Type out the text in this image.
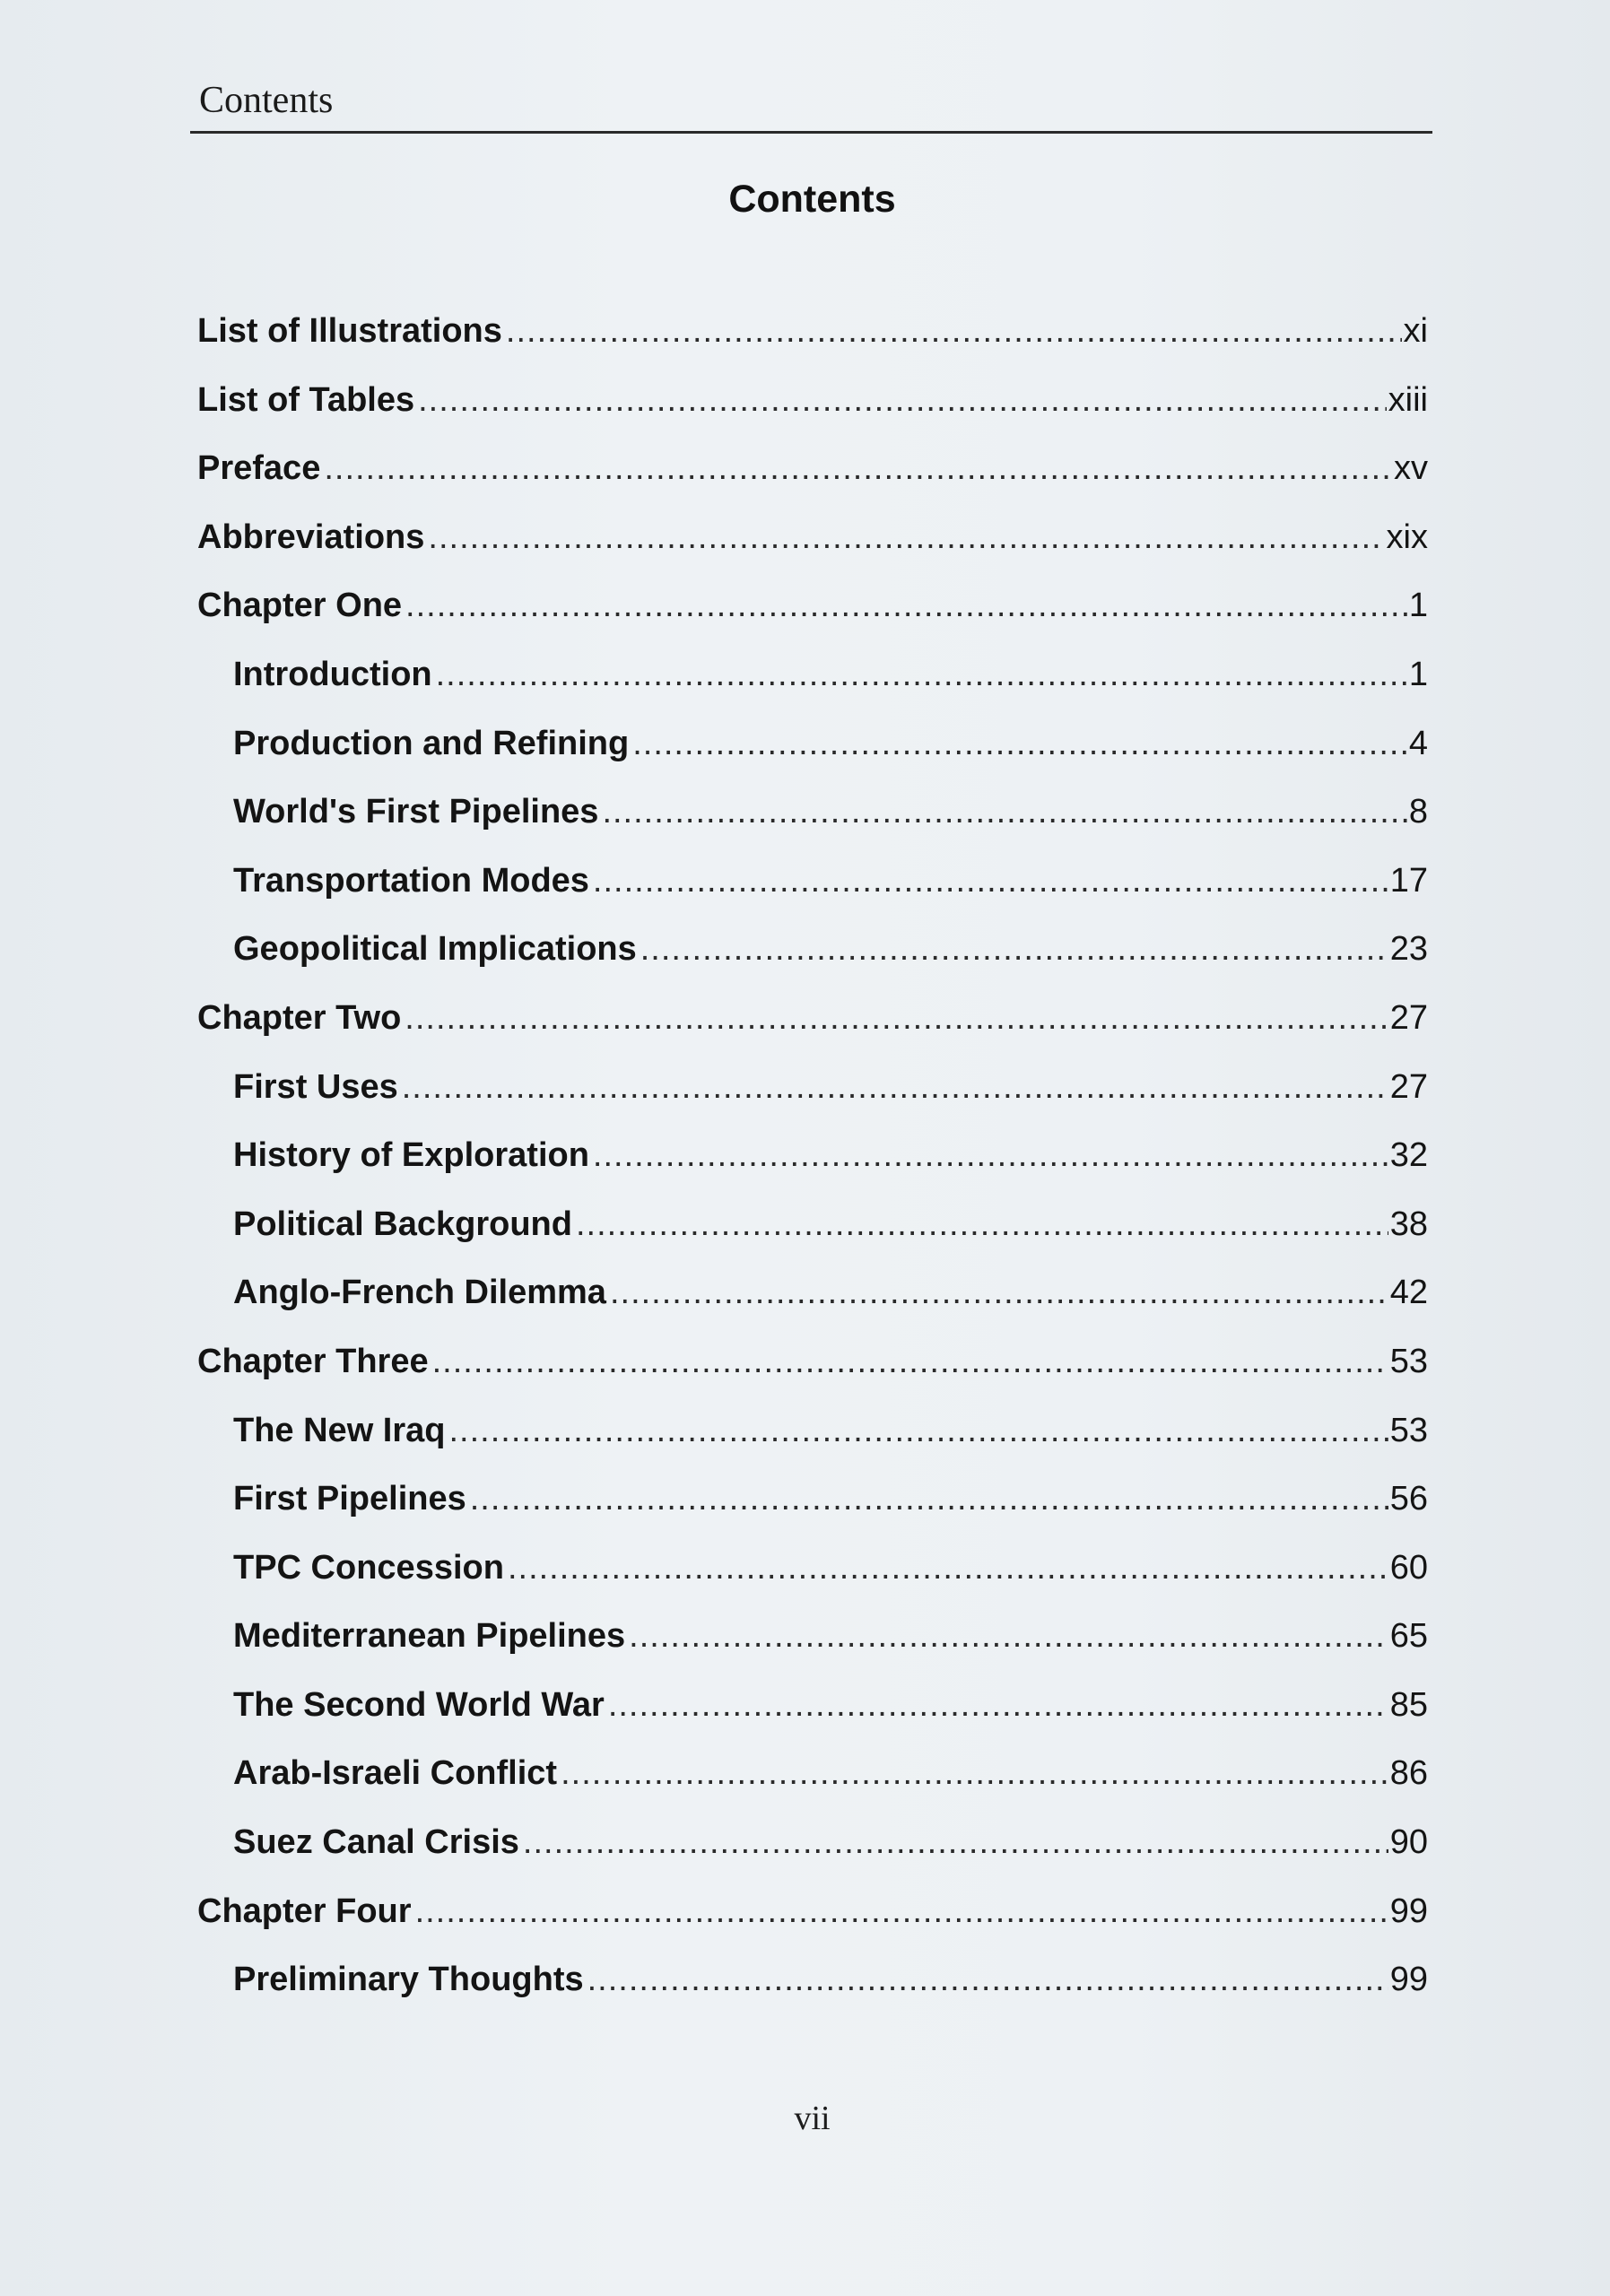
Contents
Contents
List of Illustrations .....	xi
List of Tables .....	xiii
Preface .....	xv
Abbreviations .....	xix
Chapter One .....	1
Introduction .....	1
Production and Refining .....	4
World's First Pipelines .....	8
Transportation Modes .....	17
Geopolitical Implications .....	23
Chapter Two .....	27
First Uses .....	27
History of Exploration .....	32
Political Background .....	38
Anglo-French Dilemma .....	42
Chapter Three .....	53
The New Iraq .....	53
First Pipelines .....	56
TPC Concession .....	60
Mediterranean Pipelines .....	65
The Second World War .....	85
Arab-Israeli Conflict .....	86
Suez Canal Crisis .....	90
Chapter Four .....	99
Preliminary Thoughts .....	99
vii
